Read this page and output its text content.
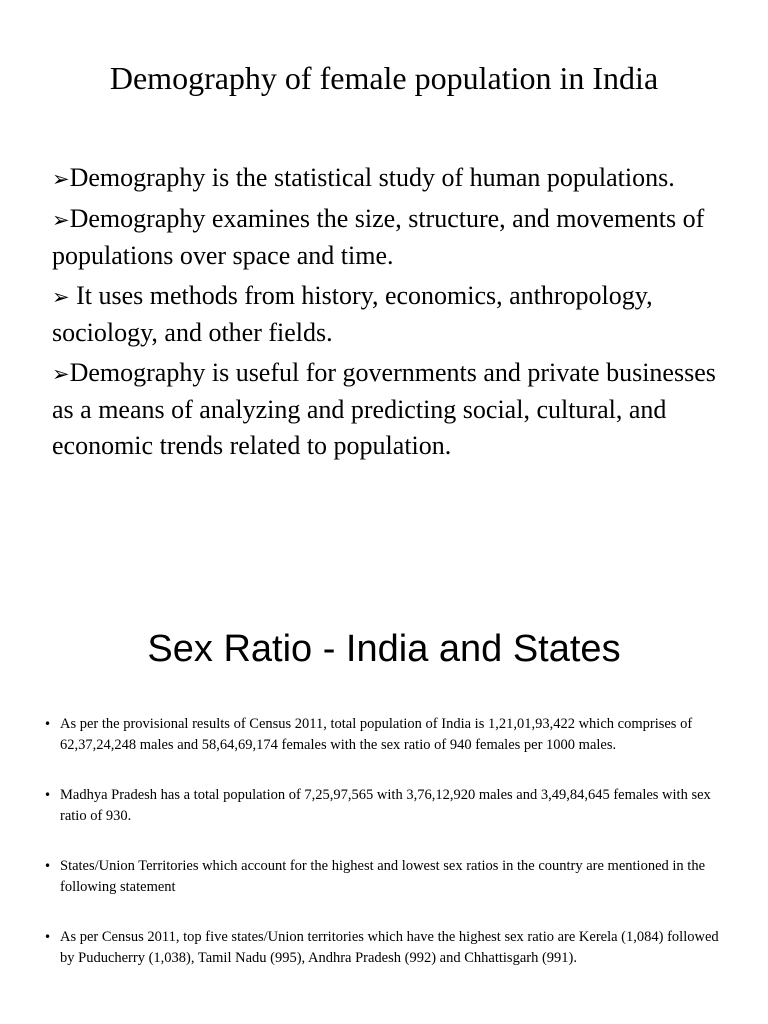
Demography of female population in India
➢Demography is the statistical study of human populations.
➢Demography examines the size, structure, and movements of populations over space and time.
➢ It uses methods from history, economics, anthropology, sociology, and other fields.
➢Demography is useful for governments and private businesses as a means of analyzing and predicting social, cultural, and economic trends related to population.
Sex Ratio - India and States
• As per the provisional results of Census 2011, total population of India is 1,21,01,93,422 which comprises of 62,37,24,248 males and 58,64,69,174 females with the sex ratio of 940 females per 1000 males.
• Madhya Pradesh has a total population of 7,25,97,565 with 3,76,12,920 males and 3,49,84,645 females with sex ratio of 930.
• States/Union Territories which account for the highest and lowest sex ratios in the country are mentioned in the following statement
• As per Census 2011, top five states/Union territories which have the highest sex ratio are Kerela (1,084) followed by Puducherry (1,038), Tamil Nadu (995), Andhra Pradesh (992) and Chhattisgarh (991).
